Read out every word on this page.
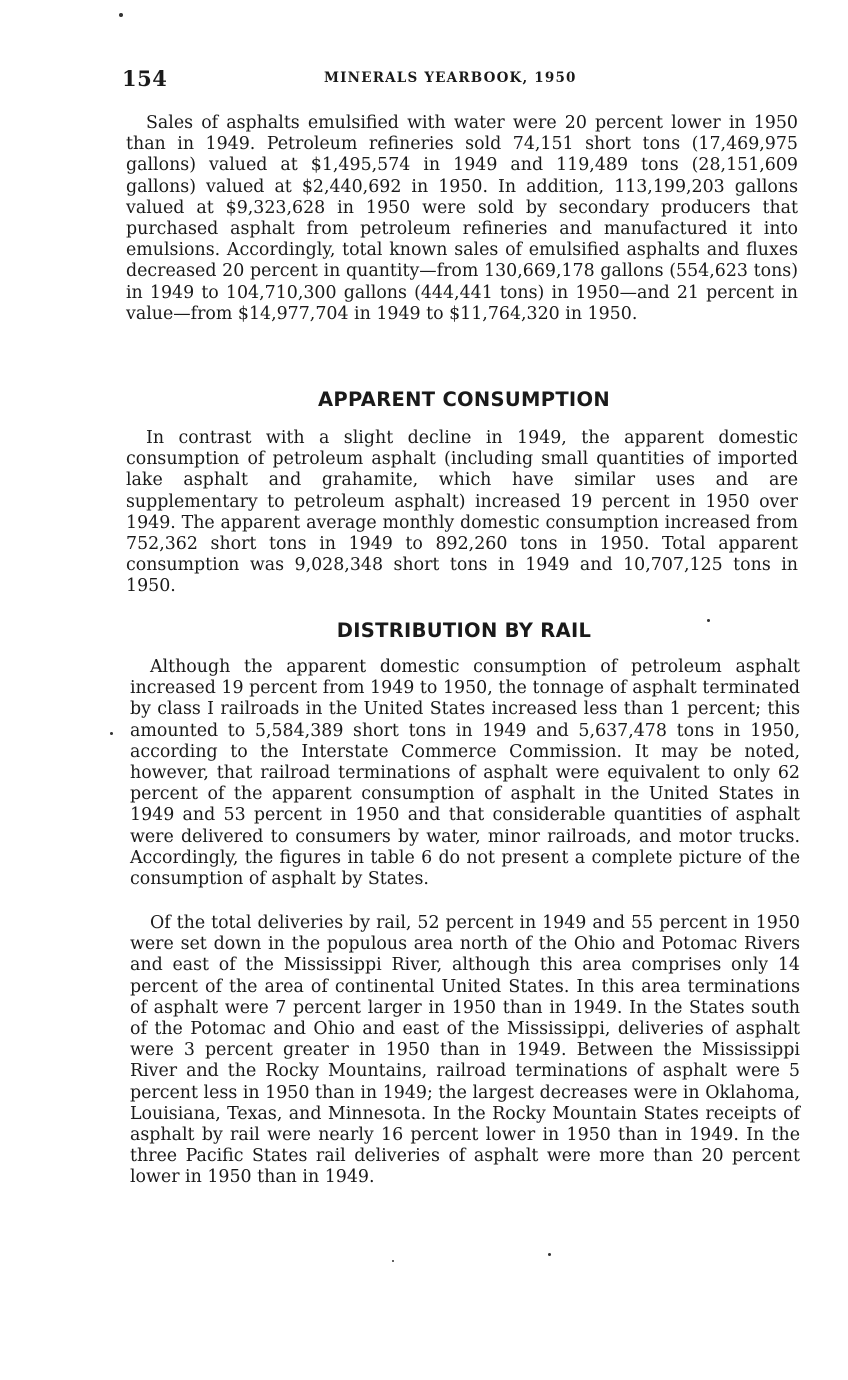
154	MINERALS YEARBOOK, 1950

Sales of asphalts emulsified with water were 20 percent lower in 1950 than in 1949. Petroleum refineries sold 74,151 short tons (17,469,975 gallons) valued at $1,495,574 in 1949 and 119,489 tons (28,151,609 gallons) valued at $2,440,692 in 1950. In addition, 113,199,203 gallons valued at $9,323,628 in 1950 were sold by secondary producers that purchased asphalt from petroleum refineries and manufactured it into emulsions. Accordingly, total known sales of emulsified asphalts and fluxes decreased 20 percent in quantity—from 130,669,178 gallons (554,623 tons) in 1949 to 104,710,300 gallons (444,441 tons) in 1950—and 21 percent in value—from $14,977,704 in 1949 to $11,764,320 in 1950.

APPARENT CONSUMPTION

In contrast with a slight decline in 1949, the apparent domestic consumption of petroleum asphalt (including small quantities of imported lake asphalt and grahamite, which have similar uses and are supplementary to petroleum asphalt) increased 19 percent in 1950 over 1949. The apparent average monthly domestic consumption increased from 752,362 short tons in 1949 to 892,260 tons in 1950. Total apparent consumption was 9,028,348 short tons in 1949 and 10,707,125 tons in 1950.

DISTRIBUTION BY RAIL

Although the apparent domestic consumption of petroleum asphalt increased 19 percent from 1949 to 1950, the tonnage of asphalt terminated by class I railroads in the United States increased less than 1 percent; this amounted to 5,584,389 short tons in 1949 and 5,637,478 tons in 1950, according to the Interstate Commerce Commission. It may be noted, however, that railroad terminations of asphalt were equivalent to only 62 percent of the apparent consumption of asphalt in the United States in 1949 and 53 percent in 1950 and that considerable quantities of asphalt were delivered to consumers by water, minor railroads, and motor trucks. Accordingly, the figures in table 6 do not present a complete picture of the consumption of asphalt by States.

Of the total deliveries by rail, 52 percent in 1949 and 55 percent in 1950 were set down in the populous area north of the Ohio and Potomac Rivers and east of the Mississippi River, although this area comprises only 14 percent of the area of continental United States. In this area terminations of asphalt were 7 percent larger in 1950 than in 1949. In the States south of the Potomac and Ohio and east of the Mississippi, deliveries of asphalt were 3 percent greater in 1950 than in 1949. Between the Mississippi River and the Rocky Mountains, railroad terminations of asphalt were 5 percent less in 1950 than in 1949; the largest decreases were in Oklahoma, Louisiana, Texas, and Minnesota. In the Rocky Mountain States receipts of asphalt by rail were nearly 16 percent lower in 1950 than in 1949. In the three Pacific States rail deliveries of asphalt were more than 20 percent lower in 1950 than in 1949.
